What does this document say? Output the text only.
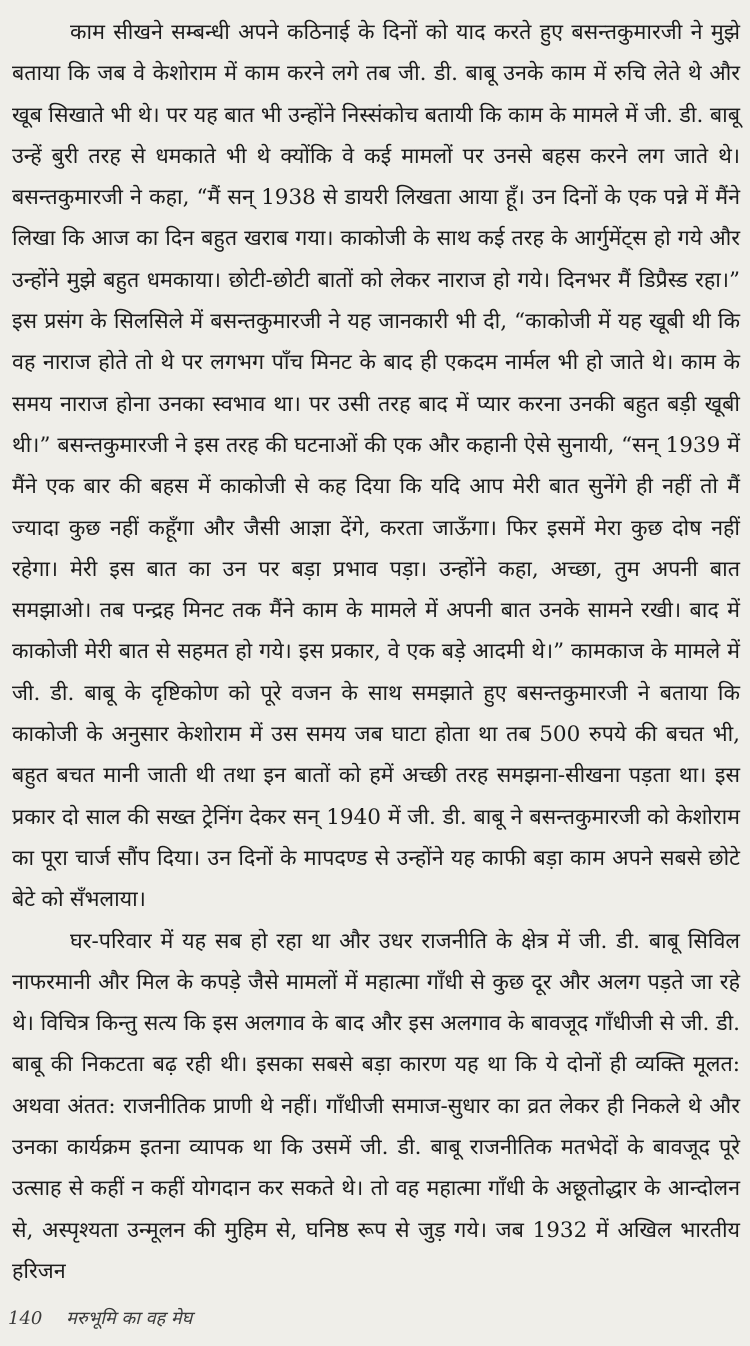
काम सीखने सम्बन्धी अपने कठिनाई के दिनों को याद करते हुए बसन्तकुमारजी ने मुझे बताया कि जब वे केशोराम में काम करने लगे तब जी. डी. बाबू उनके काम में रुचि लेते थे और खूब सिखाते भी थे। पर यह बात भी उन्होंने निस्संकोच बतायी कि काम के मामले में जी. डी. बाबू उन्हें बुरी तरह से धमकाते भी थे क्योंकि वे कई मामलों पर उनसे बहस करने लग जाते थे। बसन्तकुमारजी ने कहा, “मैं सन् 1938 से डायरी लिखता आया हूँ। उन दिनों के एक पन्ने में मैंने लिखा कि आज का दिन बहुत खराब गया। काकोजी के साथ कई तरह के आर्गुमेंट्स हो गये और उन्होंने मुझे बहुत धमकाया। छोटी-छोटी बातों को लेकर नाराज हो गये। दिनभर मैं डिप्रैस्ड रहा।” इस प्रसंग के सिलसिले में बसन्तकुमारजी ने यह जानकारी भी दी, “काकोजी में यह खूबी थी कि वह नाराज होते तो थे पर लगभग पाँच मिनट के बाद ही एकदम नार्मल भी हो जाते थे। काम के समय नाराज होना उनका स्वभाव था। पर उसी तरह बाद में प्यार करना उनकी बहुत बड़ी खूबी थी।” बसन्तकुमारजी ने इस तरह की घटनाओं की एक और कहानी ऐसे सुनायी, “सन् 1939 में मैंने एक बार की बहस में काकोजी से कह दिया कि यदि आप मेरी बात सुनेंगे ही नहीं तो मैं ज्यादा कुछ नहीं कहूँगा और जैसी आज्ञा देंगे, करता जाऊँगा। फिर इसमें मेरा कुछ दोष नहीं रहेगा। मेरी इस बात का उन पर बड़ा प्रभाव पड़ा। उन्होंने कहा, अच्छा, तुम अपनी बात समझाओ। तब पन्द्रह मिनट तक मैंने काम के मामले में अपनी बात उनके सामने रखी। बाद में काकोजी मेरी बात से सहमत हो गये। इस प्रकार, वे एक बड़े आदमी थे।” कामकाज के मामले में जी. डी. बाबू के दृष्टिकोण को पूरे वजन के साथ समझाते हुए बसन्तकुमारजी ने बताया कि काकोजी के अनुसार केशोराम में उस समय जब घाटा होता था तब 500 रुपये की बचत भी, बहुत बचत मानी जाती थी तथा इन बातों को हमें अच्छी तरह समझना-सीखना पड़ता था। इस प्रकार दो साल की सख्त ट्रेनिंग देकर सन् 1940 में जी. डी. बाबू ने बसन्तकुमारजी को केशोराम का पूरा चार्ज सौंप दिया। उन दिनों के मापदण्ड से उन्होंने यह काफी बड़ा काम अपने सबसे छोटे बेटे को सँभलाया।

घर-परिवार में यह सब हो रहा था और उधर राजनीति के क्षेत्र में जी. डी. बाबू सिविल नाफरमानी और मिल के कपड़े जैसे मामलों में महात्मा गाँधी से कुछ दूर और अलग पड़ते जा रहे थे। विचित्र किन्तु सत्य कि इस अलगाव के बाद और इस अलगाव के बावजूद गाँधीजी से जी. डी. बाबू की निकटता बढ़ रही थी। इसका सबसे बड़ा कारण यह था कि ये दोनों ही व्यक्ति मूलत: अथवा अंतत: राजनीतिक प्राणी थे नहीं। गाँधीजी समाज-सुधार का व्रत लेकर ही निकले थे और उनका कार्यक्रम इतना व्यापक था कि उसमें जी. डी. बाबू राजनीतिक मतभेदों के बावजूद पूरे उत्साह से कहीं न कहीं योगदान कर सकते थे। तो वह महात्मा गाँधी के अछूतोद्धार के आन्दोलन से, अस्पृश्यता उन्मूलन की मुहिम से, घनिष्ठ रूप से जुड़ गये। जब 1932 में अखिल भारतीय हरिजन

140 मरुभूमि का वह मेघ
